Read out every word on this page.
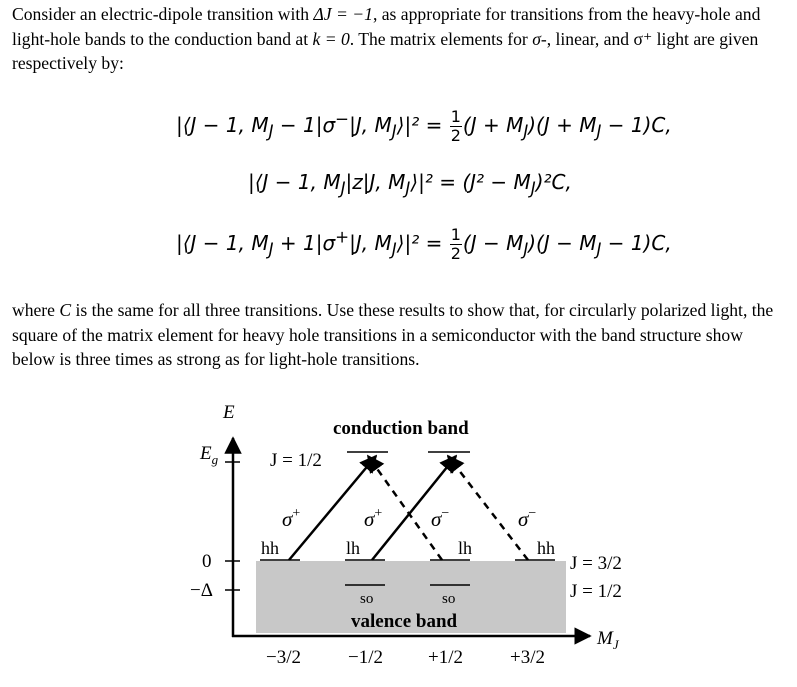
Consider an electric-dipole transition with ΔJ = −1, as appropriate for transitions from the heavy-hole and light-hole bands to the conduction band at k = 0. The matrix elements for σ-, linear, and σ⁺ light are given respectively by:

|⟨J − 1, $M_J - 1|\sigma^-|J$, $M_J⟩|^2 = \frac{1}{2} (J + M_J)(J + M_J - 1)C$,
|⟨J − 1, $M_J|z|J$, $M_J⟩|^2 = (J^2 - M_J)^2C$,
|⟨J − 1, $M_J + 1|\sigma^+|J$, $M_J⟩|^2 = \frac{1}{2} (J - M_J)(J - M_J - 1)C$,

where C is the same for all three transitions. Use these results to show that, for circularly polarized light, the square of the matrix element for heavy hole transitions in a semiconductor with the band structure show below is three times as strong as for light-hole transitions.

E
$E_g$
0
−Δ
$M_J$
conduction band
valence band
J = 1/2
J = 3/2
J = 1/2
hh	lh	lh	hh
so	so
σ+	σ+ σ−	σ−
−3/2 −1/2 +1/2 +3/2
